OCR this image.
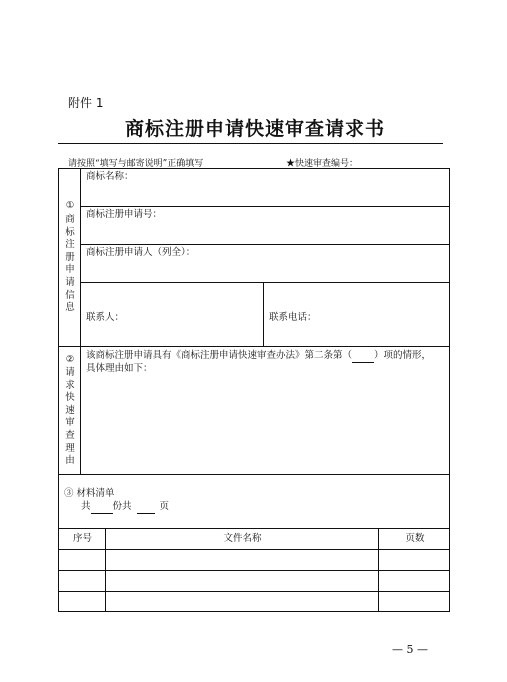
附件 1
商标注册申请快速审查请求书
请按照“填写与邮寄说明”正确填写	★快速审查编号：
①
商
标
注
册
申
请
信
息
商标名称：
商标注册申请号：
商标注册申请人（列全）：
联系人：	联系电话：
②
请
求
快
速
审
查
理
由
该商标注册申请具有《商标注册申请快速审查办法》第二条第（ ）项的情形，
具体理由如下：
③ 材料清单
共 份共	页
序号	文件名称	页数
— 5 —
